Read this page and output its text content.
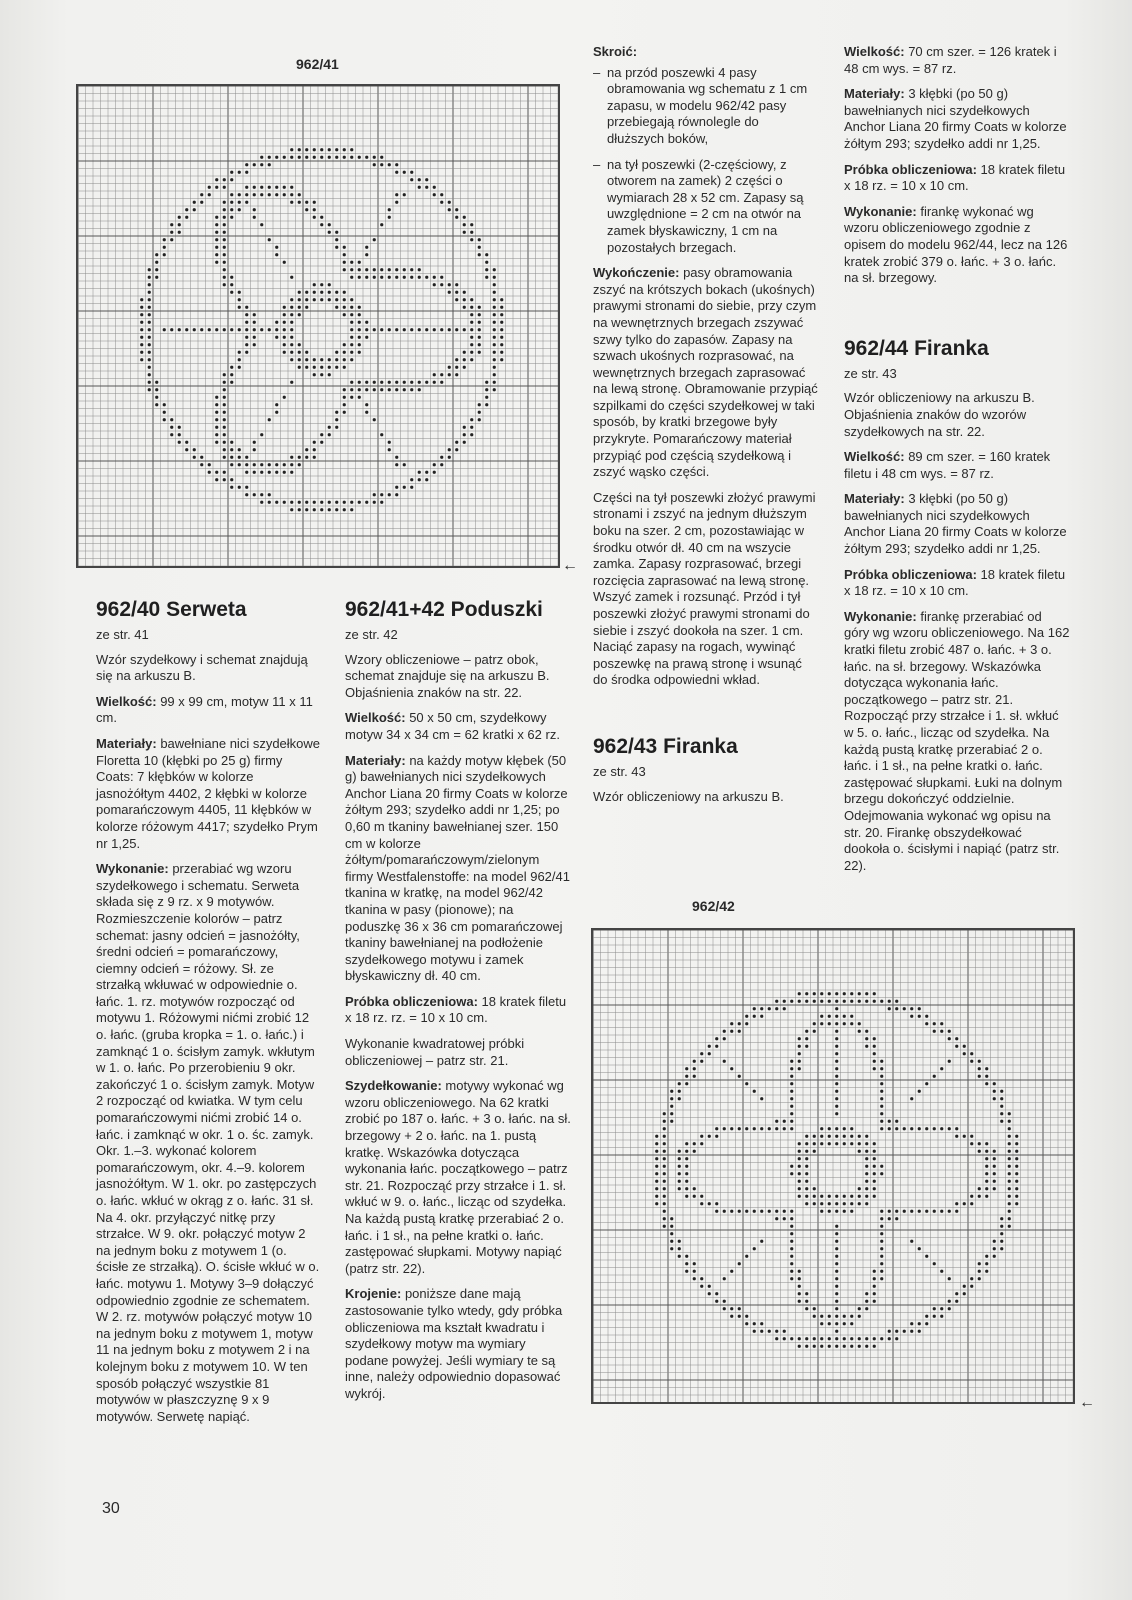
962/41
←
962/42
←
962/40 Serweta
ze str. 41

Wzór szydełkowy i schemat znajdują się na arkuszu B.

Wielkość: 99 x 99 cm, motyw 11 x 11 cm.

Materiały: bawełniane nici szydełkowe Floretta 10 (kłębki po 25 g) firmy Coats: 7 kłębków w kolorze jasnożółtym 4402, 2 kłębki w kolorze pomarańczowym 4405, 11 kłębków w kolorze różowym 4417; szydełko Prym nr 1,25.

Wykonanie: przerabiać wg wzoru szydełkowego i schematu. Serweta składa się z 9 rz. x 9 motywów. Rozmieszczenie kolorów – patrz schemat: jasny odcień = jasnożółty, średni odcień = pomarańczowy, ciemny odcień = różowy. Sł. ze strzałką wkłuwać w odpowiednie o. łańc. 1. rz. motywów rozpocząć od motywu 1. Różowymi nićmi zrobić 12 o. łańc. (gruba kropka = 1. o. łańc.) i zamknąć 1 o. ścisłym zamyk. wkłutym w 1. o. łańc. Po przerobieniu 9 okr. zakończyć 1 o. ścisłym zamyk. Motyw 2 rozpocząć od kwiatka. W tym celu pomarańczowymi nićmi zrobić 14 o. łańc. i zamknąć w okr. 1 o. śc. zamyk. Okr. 1.–3. wykonać kolorem pomarańczowym, okr. 4.–9. kolorem jasnożółtym. W 1. okr. po zastępczych o. łańc. wkłuć w okrąg z o. łańc. 31 sł. Na 4. okr. przyłączyć nitkę przy strzałce. W 9. okr. połączyć motyw 2 na jednym boku z motywem 1 (o. ścisłe ze strzałką). O. ścisłe wkłuć w o. łańc. motywu 1. Motywy 3–9 dołączyć odpowiednio zgodnie ze schematem. W 2. rz. motywów połączyć motyw 10 na jednym boku z motywem 1, motyw 11 na jednym boku z motywem 2 i na kolejnym boku z motywem 10. W ten sposób połączyć wszystkie 81 motywów w płaszczyznę 9 x 9 motywów. Serwetę napiąć.

962/41+42 Poduszki
ze str. 42

Wzory obliczeniowe – patrz obok, schemat znajduje się na arkuszu B. Objaśnienia znaków na str. 22.

Wielkość: 50 x 50 cm, szydełkowy motyw 34 x 34 cm = 62 kratki x 62 rz.

Materiały: na każdy motyw kłębek (50 g) bawełnianych nici szydełkowych Anchor Liana 20 firmy Coats w kolorze żółtym 293; szydełko addi nr 1,25; po 0,60 m tkaniny bawełnianej szer. 150 cm w kolorze żółtym/pomarańczowym/zielonym firmy Westfalenstoffe: na model 962/41 tkanina w kratkę, na model 962/42 tkanina w pasy (pionowe); na poduszkę 36 x 36 cm pomarańczowej tkaniny bawełnianej na podłożenie szydełkowego motywu i zamek błyskawiczny dł. 40 cm.

Próbka obliczeniowa: 18 kratek filetu x 18 rz. rz. = 10 x 10 cm.

Wykonanie kwadratowej próbki obliczeniowej – patrz str. 21.

Szydełkowanie: motywy wykonać wg wzoru obliczeniowego. Na 62 kratki zrobić po 187 o. łańc. + 3 o. łańc. na sł. brzegowy + 2 o. łańc. na 1. pustą kratkę. Wskazówka dotycząca wykonania łańc. początkowego – patrz str. 21. Rozpocząć przy strzałce i 1. sł. wkłuć w 9. o. łańc., licząc od szydełka. Na każdą pustą kratkę przerabiać 2 o. łańc. i 1 sł., na pełne kratki o. łańc. zastępować słupkami. Motywy napiąć (patrz str. 22).

Krojenie: poniższe dane mają zastosowanie tylko wtedy, gdy próbka obliczeniowa ma kształt kwadratu i szydełkowy motyw ma wymiary podane powyżej. Jeśli wymiary te są inne, należy odpowiednio dopasować wykrój.

Skroić:

– na przód poszewki 4 pasy obramowania wg schematu z 1 cm zapasu, w modelu 962/42 pasy przebiegają równolegle do dłuższych boków,
– na tył poszewki (2-częściowy, z otworem na zamek) 2 części o wymiarach 28 x 52 cm. Zapasy są uwzględnione = 2 cm na otwór na zamek błyskawiczny, 1 cm na pozostałych brzegach.

Wykończenie: pasy obramowania zszyć na krótszych bokach (ukośnych) prawymi stronami do siebie, przy czym na wewnętrznych brzegach zszywać szwy tylko do zapasów. Zapasy na szwach ukośnych rozprasować, na wewnętrznych brzegach zaprasować na lewą stronę. Obramowanie przypiąć szpilkami do części szydełkowej w taki sposób, by kratki brzegowe były przykryte. Pomarańczowy materiał przypiąć pod częścią szydełkową i zszyć wąsko części.

Części na tył poszewki złożyć prawymi stronami i zszyć na jednym dłuższym boku na szer. 2 cm, pozostawiając w środku otwór dł. 40 cm na wszycie zamka. Zapasy rozprasować, brzegi rozcięcia zaprasować na lewą stronę. Wszyć zamek i rozsunąć. Przód i tył poszewki złożyć prawymi stronami do siebie i zszyć dookoła na szer. 1 cm. Naciąć zapasy na rogach, wywinąć poszewkę na prawą stronę i wsunąć do środka odpowiedni wkład.

962/43 Firanka
ze str. 43

Wzór obliczeniowy na arkuszu B.

Wielkość: 70 cm szer. = 126 kratek i 48 cm wys. = 87 rz.

Materiały: 3 kłębki (po 50 g) bawełnianych nici szydełkowych Anchor Liana 20 firmy Coats w kolorze żółtym 293; szydełko addi nr 1,25.

Próbka obliczeniowa: 18 kratek filetu x 18 rz. = 10 x 10 cm.

Wykonanie: firankę wykonać wg wzoru obliczeniowego zgodnie z opisem do modelu 962/44, lecz na 126 kratek zrobić 379 o. łańc. + 3 o. łańc. na sł. brzegowy.

962/44 Firanka
ze str. 43

Wzór obliczeniowy na arkuszu B. Objaśnienia znaków do wzorów szydełkowych na str. 22.

Wielkość: 89 cm szer. = 160 kratek filetu i 48 cm wys. = 87 rz.

Materiały: 3 kłębki (po 50 g) bawełnianych nici szydełkowych Anchor Liana 20 firmy Coats w kolorze żółtym 293; szydełko addi nr 1,25.

Próbka obliczeniowa: 18 kratek filetu x 18 rz. = 10 x 10 cm.

Wykonanie: firankę przerabiać od góry wg wzoru obliczeniowego. Na 162 kratki filetu zrobić 487 o. łańc. + 3 o. łańc. na sł. brzegowy. Wskazówka dotycząca wykonania łańc. początkowego – patrz str. 21. Rozpocząć przy strzałce i 1. sł. wkłuć w 5. o. łańc., licząc od szydełka. Na każdą pustą kratkę przerabiać 2 o. łańc. i 1 sł., na pełne kratki o. łańc. zastępować słupkami. Łuki na dolnym brzegu dokończyć oddzielnie. Odejmowania wykonać wg opisu na str. 20. Firankę obszydełkować dookoła o. ścisłymi i napiąć (patrz str. 22).

30
